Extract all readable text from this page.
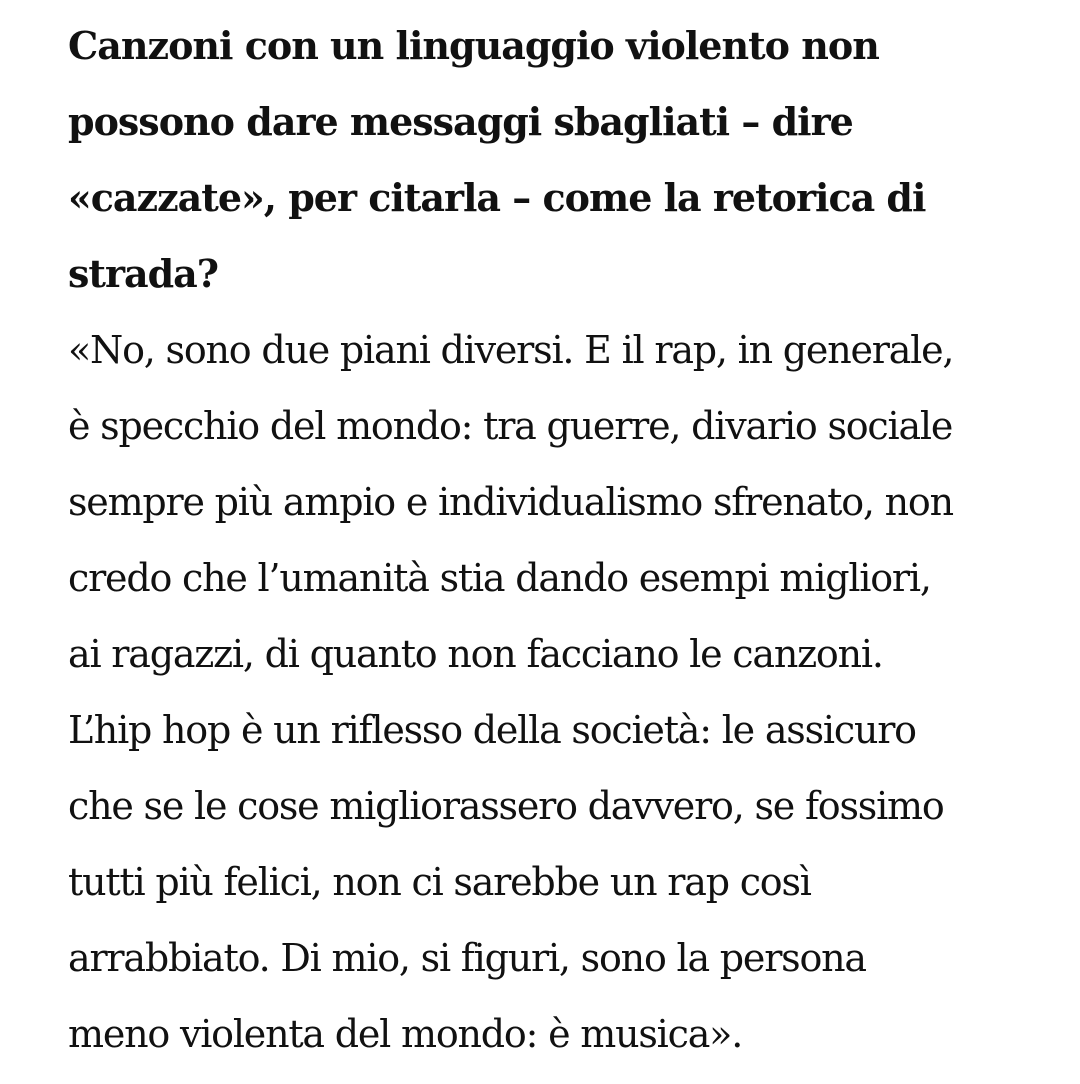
Canzoni con un linguaggio violento non
possono dare messaggi sbagliati – dire
«cazzate», per citarla – come la retorica di
strada?

«No, sono due piani diversi. E il rap, in generale,
è specchio del mondo: tra guerre, divario sociale
sempre più ampio e individualismo sfrenato, non
credo che l’umanità stia dando esempi migliori,
ai ragazzi, di quanto non facciano le canzoni.
L’hip hop è un riflesso della società: le assicuro
che se le cose migliorassero davvero, se fossimo
tutti più felici, non ci sarebbe un rap così
arrabbiato. Di mio, si figuri, sono la persona
meno violenta del mondo: è musica».
